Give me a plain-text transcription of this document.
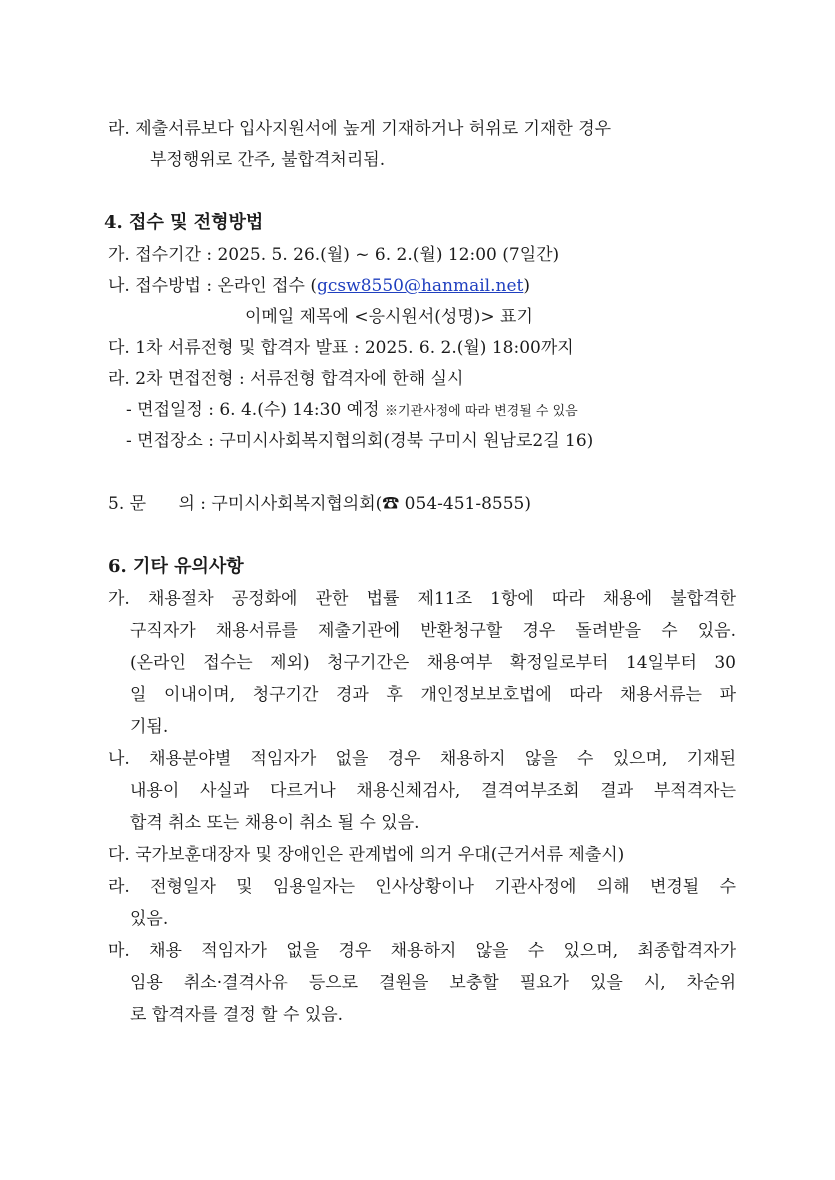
라. 제출서류보다 입사지원서에 높게 기재하거나 허위로 기재한 경우
부정행위로 간주, 불합격처리됨.
4. 접수 및 전형방법
가. 접수기간 : 2025. 5. 26.(월) ~ 6. 2.(월) 12:00 (7일간)
나. 접수방법 : 온라인 접수 (gcsw8550@hanmail.net)
이메일 제목에 <응시원서(성명)> 표기
다. 1차 서류전형 및 합격자 발표 : 2025. 6. 2.(월) 18:00까지
라. 2차 면접전형 : 서류전형 합격자에 한해 실시
- 면접일정 : 6. 4.(수) 14:30 예정 ※기관사정에 따라 변경될 수 있음
- 면접장소 : 구미시사회복지협의회(경북 구미시 원남로2길 16)
5. 문      의 : 구미시사회복지협의회(☎ 054-451-8555)
6. 기타 유의사항
가. 채용절차 공정화에 관한 법률 제11조 1항에 따라 채용에 불합격한
구직자가 채용서류를 제출기관에 반환청구할 경우 돌려받을 수 있음.
(온라인 접수는 제외) 청구기간은 채용여부 확정일로부터 14일부터 30
일 이내이며, 청구기간 경과 후 개인정보보호법에 따라 채용서류는 파
기됨.
나. 채용분야별 적임자가 없을 경우 채용하지 않을 수 있으며, 기재된
내용이 사실과 다르거나 채용신체검사, 결격여부조회 결과 부적격자는
합격 취소 또는 채용이 취소 될 수 있음.
다. 국가보훈대장자 및 장애인은 관계법에 의거 우대(근거서류 제출시)
라. 전형일자 및 임용일자는 인사상황이나 기관사정에 의해 변경될 수
있음.
마. 채용 적임자가 없을 경우 채용하지 않을 수 있으며, 최종합격자가
임용 취소·결격사유 등으로 결원을 보충할 필요가 있을 시, 차순위
로 합격자를 결정 할 수 있음.
